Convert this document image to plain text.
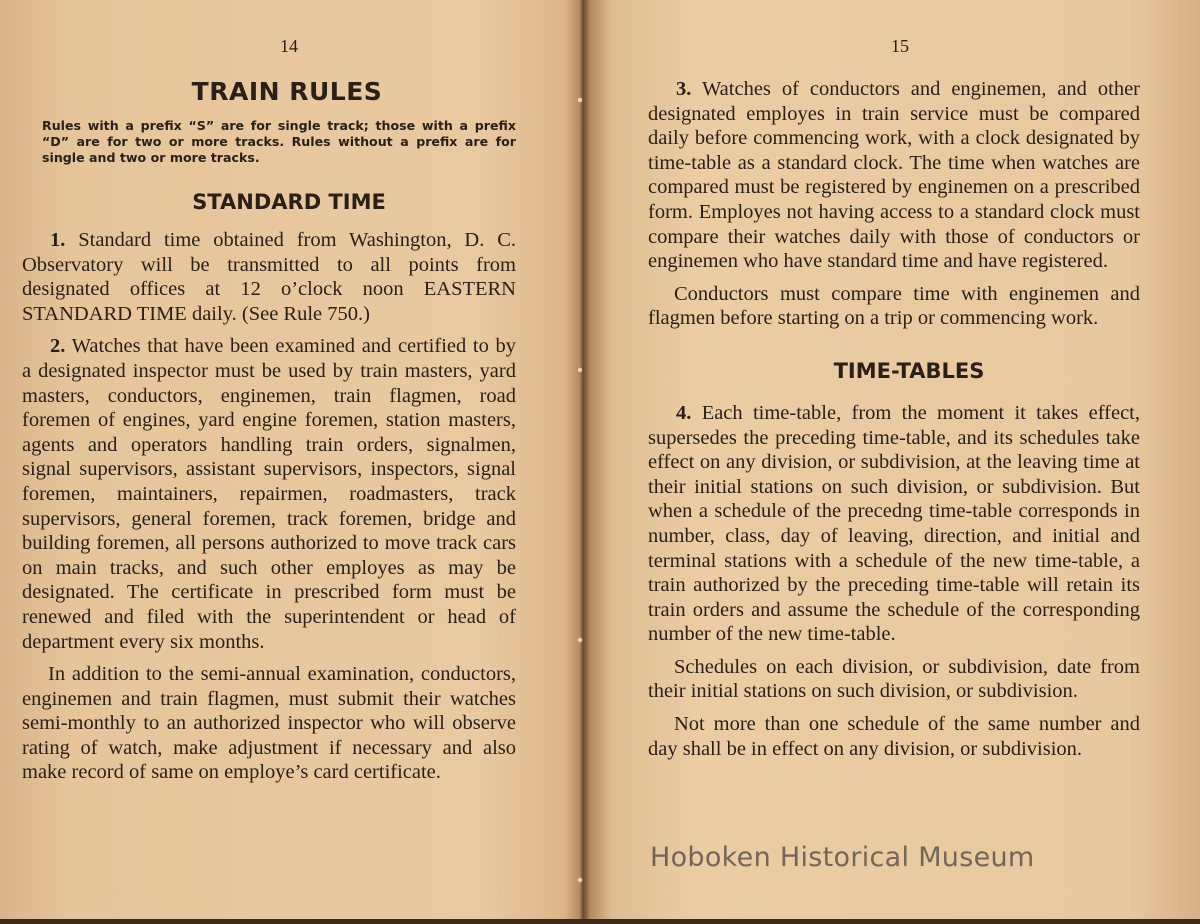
14
TRAIN RULES
Rules with a prefix “S” are for single track; those with a prefix “D” are for two or more tracks. Rules without a prefix are for single and two or more tracks.
STANDARD TIME

1. Standard time obtained from Washington, D. C. Observatory will be transmitted to all points from designated offices at 12 o’clock noon EASTERN STANDARD TIME daily. (See Rule 750.)

2. Watches that have been examined and certified to by a designated inspector must be used by train masters, yard masters, conductors, enginemen, train flagmen, road foremen of engines, yard engine foremen, station masters, agents and operators handling train orders, signalmen, signal supervisors, assistant supervisors, inspectors, signal foremen, maintainers, repairmen, roadmasters, track supervisors, general foremen, track foremen, bridge and building foremen, all persons authorized to move track cars on main tracks, and such other employes as may be designated. The certificate in prescribed form must be renewed and filed with the superintendent or head of department every six months.

In addition to the semi-annual examination, conductors, enginemen and train flagmen, must submit their watches semi-monthly to an authorized inspector who will observe rating of watch, make adjustment if necessary and also make record of same on employe’s card certificate.

15

3. Watches of conductors and enginemen, and other designated employes in train service must be compared daily before commencing work, with a clock designated by time-table as a standard clock. The time when watches are compared must be registered by enginemen on a prescribed form. Employes not having access to a standard clock must compare their watches daily with those of conductors or enginemen who have standard time and have registered.

Conductors must compare time with enginemen and flagmen before starting on a trip or commencing work.

TIME-TABLES

4. Each time-table, from the moment it takes effect, supersedes the preceding time-table, and its schedules take effect on any division, or subdivision, at the leaving time at their initial stations on such division, or subdivision. But when a schedule of the precedng time-table corresponds in number, class, day of leaving, direction, and initial and terminal stations with a schedule of the new time-table, a train authorized by the preceding time-table will retain its train orders and assume the schedule of the corresponding number of the new time-table.

Schedules on each division, or subdivision, date from their initial stations on such division, or subdivision.

Not more than one schedule of the same number and day shall be in effect on any division, or subdivision.

Hoboken Historical Museum
